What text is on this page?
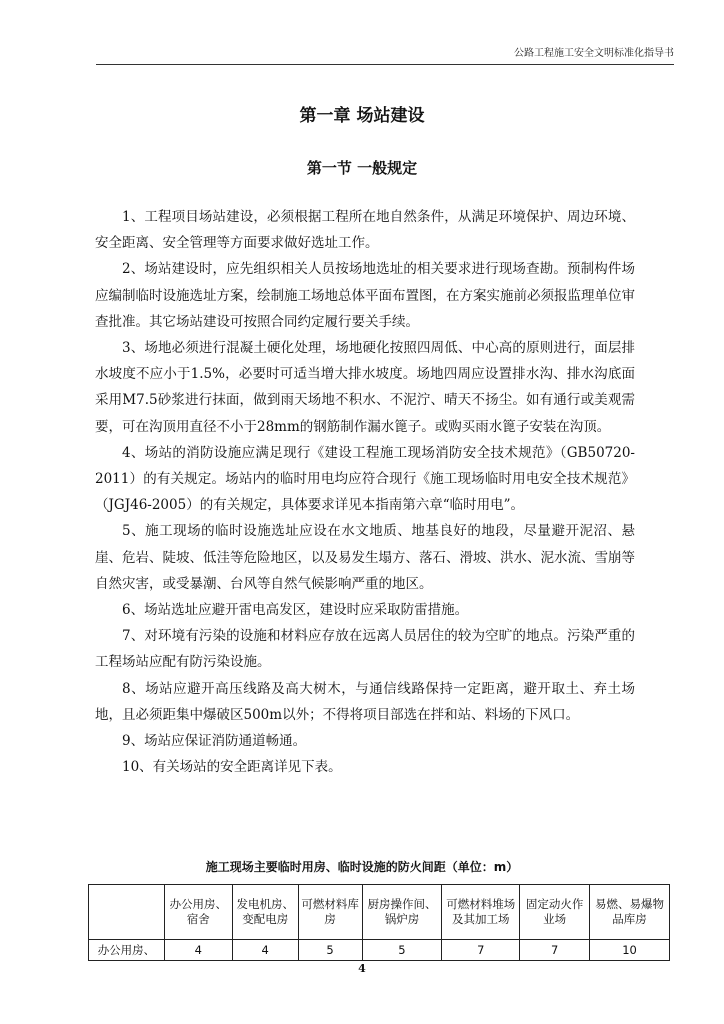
公路工程施工安全文明标准化指导书
第一章 场站建设
第一节 一般规定

1、工程项目场站建设，必须根据工程所在地自然条件，从满足环境保护、周边环境、安全距离、安全管理等方面要求做好选址工作。

2、场站建设时，应先组织相关人员按场地选址的相关要求进行现场查勘。预制构件场应编制临时设施选址方案，绘制施工场地总体平面布置图，在方案实施前必须报监理单位审查批准。其它场站建设可按照合同约定履行要关手续。

3、场地必须进行混凝土硬化处理，场地硬化按照四周低、中心高的原则进行，面层排水坡度不应小于1.5%，必要时可适当增大排水坡度。场地四周应设置排水沟、排水沟底面采用M7.5砂浆进行抹面，做到雨天场地不积水、不泥泞、晴天不扬尘。如有通行或美观需要，可在沟顶用直径不小于28mm的钢筋制作漏水篦子。或购买雨水篦子安装在沟顶。

4、场站的消防设施应满足现行《建设工程施工现场消防安全技术规范》（GB50720-2011）的有关规定。场站内的临时用电均应符合现行《施工现场临时用电安全技术规范》（JGJ46-2005）的有关规定，具体要求详见本指南第六章“临时用电”。

5、施工现场的临时设施选址应设在水文地质、地基良好的地段，尽量避开泥沼、悬崖、危岩、陡坡、低洼等危险地区，以及易发生塌方、落石、滑坡、洪水、泥水流、雪崩等自然灾害，或受暴潮、台风等自然气候影响严重的地区。

6、场站选址应避开雷电高发区，建设时应采取防雷措施。

7、对环境有污染的设施和材料应存放在远离人员居住的较为空旷的地点。污染严重的工程场站应配有防污染设施。

8、场站应避开高压线路及高大树木，与通信线路保持一定距离，避开取土、弃土场地，且必须距集中爆破区500m以外；不得将项目部选在拌和站、料场的下风口。

9、场站应保证消防通道畅通。

10、有关场站的安全距离详见下表。

施工现场主要临时用房、临时设施的防火间距（单位：m）
	办公用房、宿舍	发电机房、变配电房	可燃材料库房	厨房操作间、锅炉房	可燃材料堆场及其加工场	固定动火作业场	易燃、易爆物品库房
办公用房、	4	4	5	5	7	7	10
4
